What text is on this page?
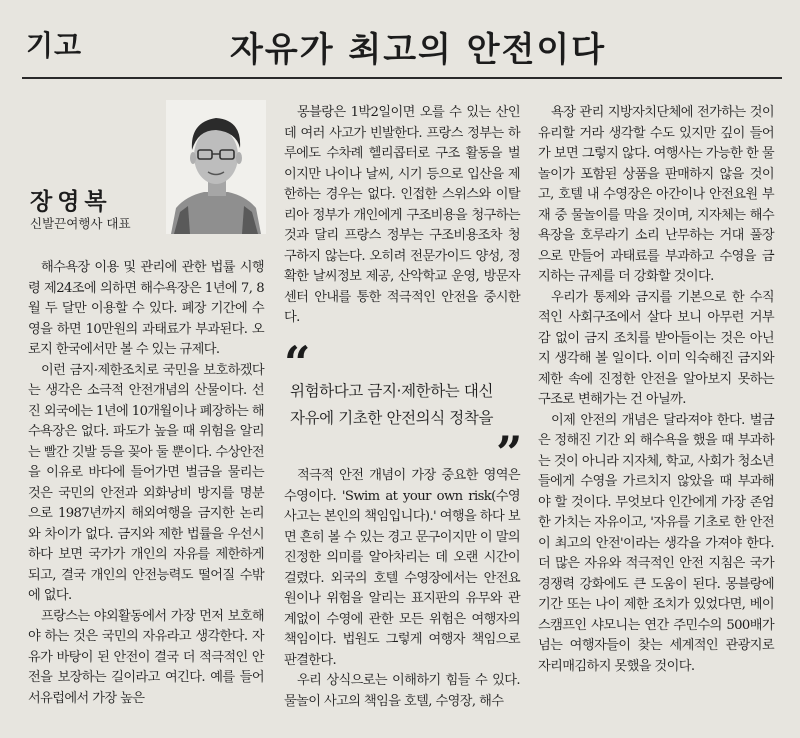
기고	자유가 최고의 안전이다
장영복
신발끈여행사 대표

해수욕장 이용 및 관리에 관한 법률 시행령 제24조에 의하면 해수욕장은 1년에 7, 8월 두 달만 이용할 수 있다. 폐장 기간에 수영을 하면 10만원의 과태료가 부과된다. 오로지 한국에서만 볼 수 있는 규제다.

이런 금지·제한조치로 국민을 보호하겠다는 생각은 소극적 안전개념의 산물이다. 선진 외국에는 1년에 10개월이나 폐장하는 해수욕장은 없다. 파도가 높을 때 위험을 알리는 빨간 깃발 등을 꽂아 둘 뿐이다. 수상안전을 이유로 바다에 들어가면 벌금을 물리는 것은 국민의 안전과 외화낭비 방지를 명분으로 1987년까지 해외여행을 금지한 논리와 차이가 없다. 금지와 제한 법률을 우선시하다 보면 국가가 개인의 자유를 제한하게 되고, 결국 개인의 안전능력도 떨어질 수밖에 없다.

프랑스는 야외활동에서 가장 먼저 보호해야 하는 것은 국민의 자유라고 생각한다. 자유가 바탕이 된 안전이 결국 더 적극적인 안전을 보장하는 길이라고 여긴다. 예를 들어 서유럽에서 가장 높은

몽블랑은 1박2일이면 오를 수 있는 산인데 여러 사고가 빈발한다. 프랑스 정부는 하루에도 수차례 헬리콥터로 구조 활동을 벌이지만 나이나 날씨, 시기 등으로 입산을 제한하는 경우는 없다. 인접한 스위스와 이탈리아 정부가 개인에게 구조비용을 청구하는 것과 달리 프랑스 정부는 구조비용조차 청구하지 않는다. 오히려 전문가이드 양성, 정확한 날씨정보 제공, 산악학교 운영, 방문자 센터 안내를 통한 적극적인 안전을 중시한다.

“
위험하다고 금지·제한하는 대신
자유에 기초한 안전의식 정착을
”

적극적 안전 개념이 가장 중요한 영역은 수영이다. 'Swim at your own risk(수영 사고는 본인의 책임입니다).' 여행을 하다 보면 흔히 볼 수 있는 경고 문구이지만 이 말의 진정한 의미를 알아차리는 데 오랜 시간이 걸렸다. 외국의 호텔 수영장에서는 안전요원이나 위험을 알리는 표지판의 유무와 관계없이 수영에 관한 모든 위험은 여행자의 책임이다. 법원도 그렇게 여행자 책임으로 판결한다.

우리 상식으로는 이해하기 힘들 수 있다. 물놀이 사고의 책임을 호텔, 수영장, 해수

욕장 관리 지방자치단체에 전가하는 것이 유리할 거라 생각할 수도 있지만 깊이 들어가 보면 그렇지 않다. 여행사는 가능한 한 물놀이가 포함된 상품을 판매하지 않을 것이고, 호텔 내 수영장은 아간이나 안전요원 부재 중 물놀이를 막을 것이며, 지자체는 해수욕장을 호루라기 소리 난무하는 거대 풀장으로 만들어 과태료를 부과하고 수영을 금지하는 규제를 더 강화할 것이다.

우리가 통제와 금지를 기본으로 한 수직적인 사회구조에서 살다 보니 아무런 거부감 없이 금지 조치를 받아들이는 것은 아닌지 생각해 볼 일이다. 이미 익숙해진 금지와 제한 속에 진정한 안전을 알아보지 못하는 구조로 변해가는 건 아닐까.

이제 안전의 개념은 달라져야 한다. 벌금은 정해진 기간 외 해수욕을 했을 때 부과하는 것이 아니라 지자체, 학교, 사회가 청소년들에게 수영을 가르치지 않았을 때 부과해야 할 것이다. 무엇보다 인간에게 가장 존엄한 가치는 자유이고, '자유를 기초로 한 안전이 최고의 안전'이라는 생각을 가져야 한다. 더 많은 자유와 적극적인 안전 지침은 국가 경쟁력 강화에도 큰 도움이 된다. 몽블랑에 기간 또는 나이 제한 조치가 있었다면, 베이스캠프인 샤모니는 연간 주민수의 500배가 넘는 여행자들이 찾는 세계적인 관광지로 자리매김하지 못했을 것이다.
